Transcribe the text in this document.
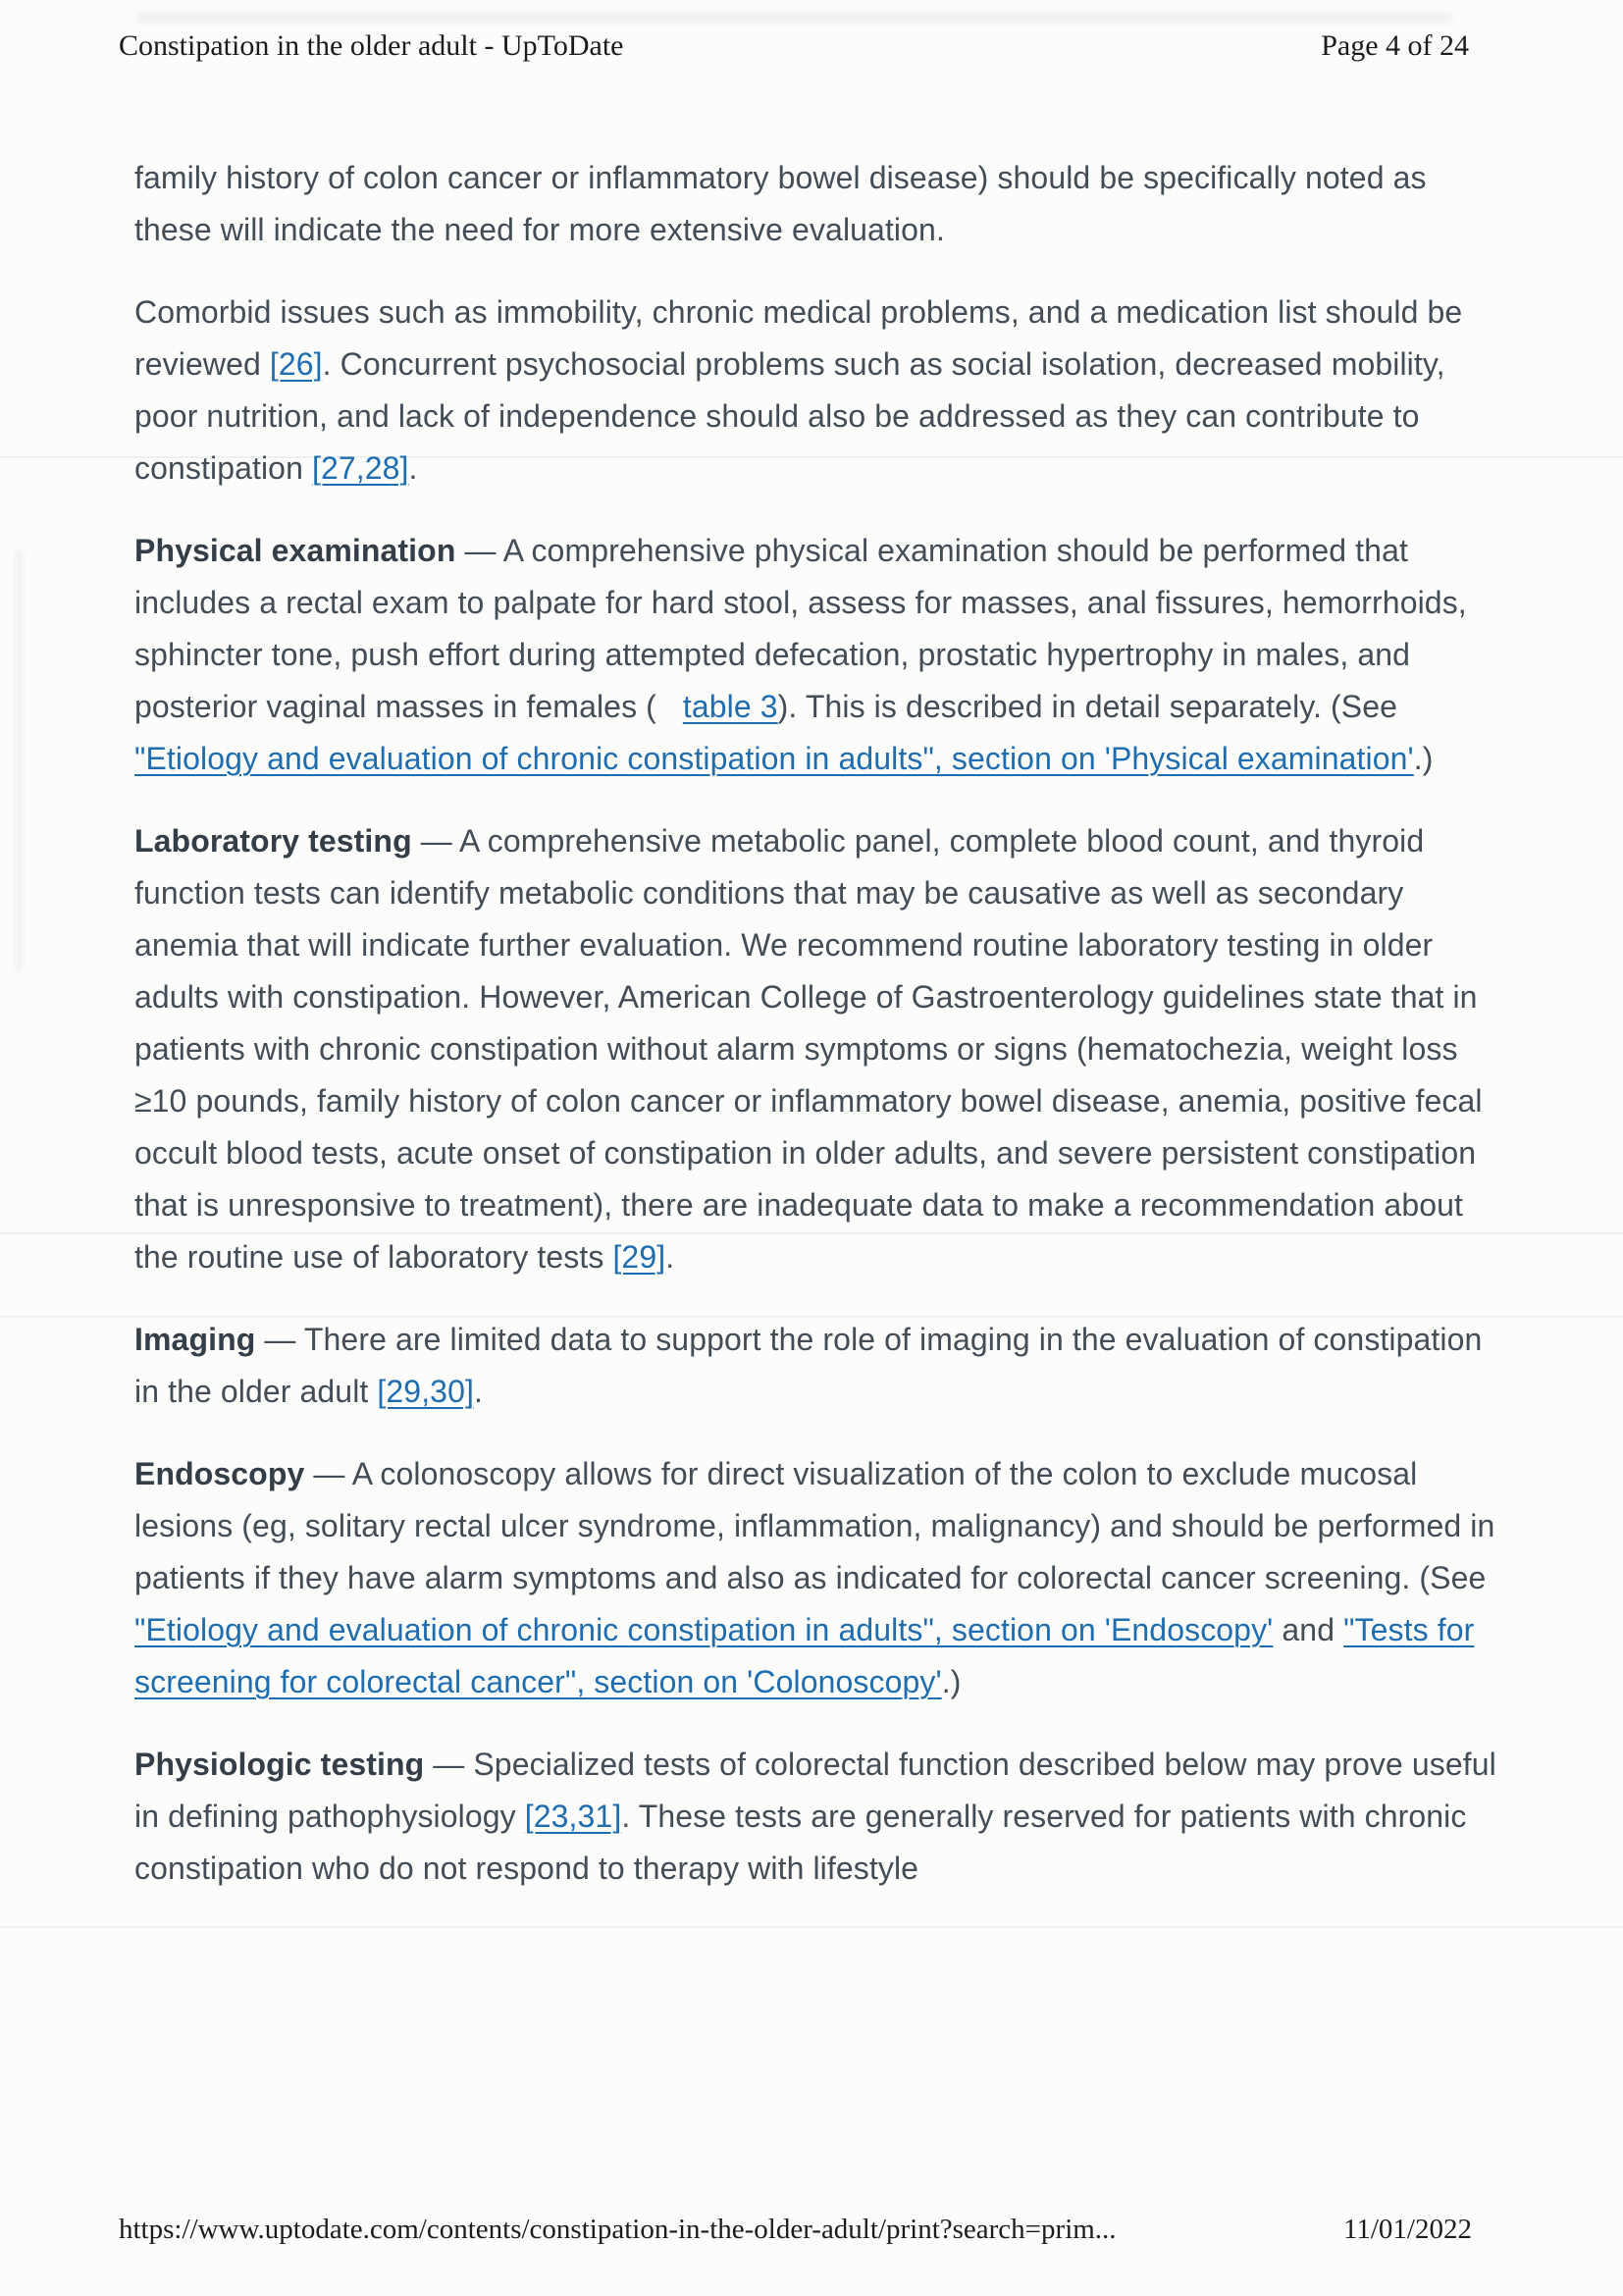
Constipation in the older adult - UpToDate	Page 4 of 24

family history of colon cancer or inflammatory bowel disease) should be specifically noted as these will indicate the need for more extensive evaluation.

Comorbid issues such as immobility, chronic medical problems, and a medication list should be reviewed [26]. Concurrent psychosocial problems such as social isolation, decreased mobility, poor nutrition, and lack of independence should also be addressed as they can contribute to constipation [27,28].

Physical examination — A comprehensive physical examination should be performed that includes a rectal exam to palpate for hard stool, assess for masses, anal fissures, hemorrhoids, sphincter tone, push effort during attempted defecation, prostatic hypertrophy in males, and posterior vaginal masses in females (   table 3). This is described in detail separately. (See "Etiology and evaluation of chronic constipation in adults", section on 'Physical examination'.)

Laboratory testing — A comprehensive metabolic panel, complete blood count, and thyroid function tests can identify metabolic conditions that may be causative as well as secondary anemia that will indicate further evaluation. We recommend routine laboratory testing in older adults with constipation. However, American College of Gastroenterology guidelines state that in patients with chronic constipation without alarm symptoms or signs (hematochezia, weight loss ≥10 pounds, family history of colon cancer or inflammatory bowel disease, anemia, positive fecal occult blood tests, acute onset of constipation in older adults, and severe persistent constipation that is unresponsive to treatment), there are inadequate data to make a recommendation about the routine use of laboratory tests [29].

Imaging — There are limited data to support the role of imaging in the evaluation of constipation in the older adult [29,30].

Endoscopy — A colonoscopy allows for direct visualization of the colon to exclude mucosal lesions (eg, solitary rectal ulcer syndrome, inflammation, malignancy) and should be performed in patients if they have alarm symptoms and also as indicated for colorectal cancer screening. (See "Etiology and evaluation of chronic constipation in adults", section on 'Endoscopy' and "Tests for screening for colorectal cancer", section on 'Colonoscopy'.)

Physiologic testing — Specialized tests of colorectal function described below may prove useful in defining pathophysiology [23,31]. These tests are generally reserved for patients with chronic constipation who do not respond to therapy with lifestyle

https://www.uptodate.com/contents/constipation-in-the-older-adult/print?search=prim...	11/01/2022
